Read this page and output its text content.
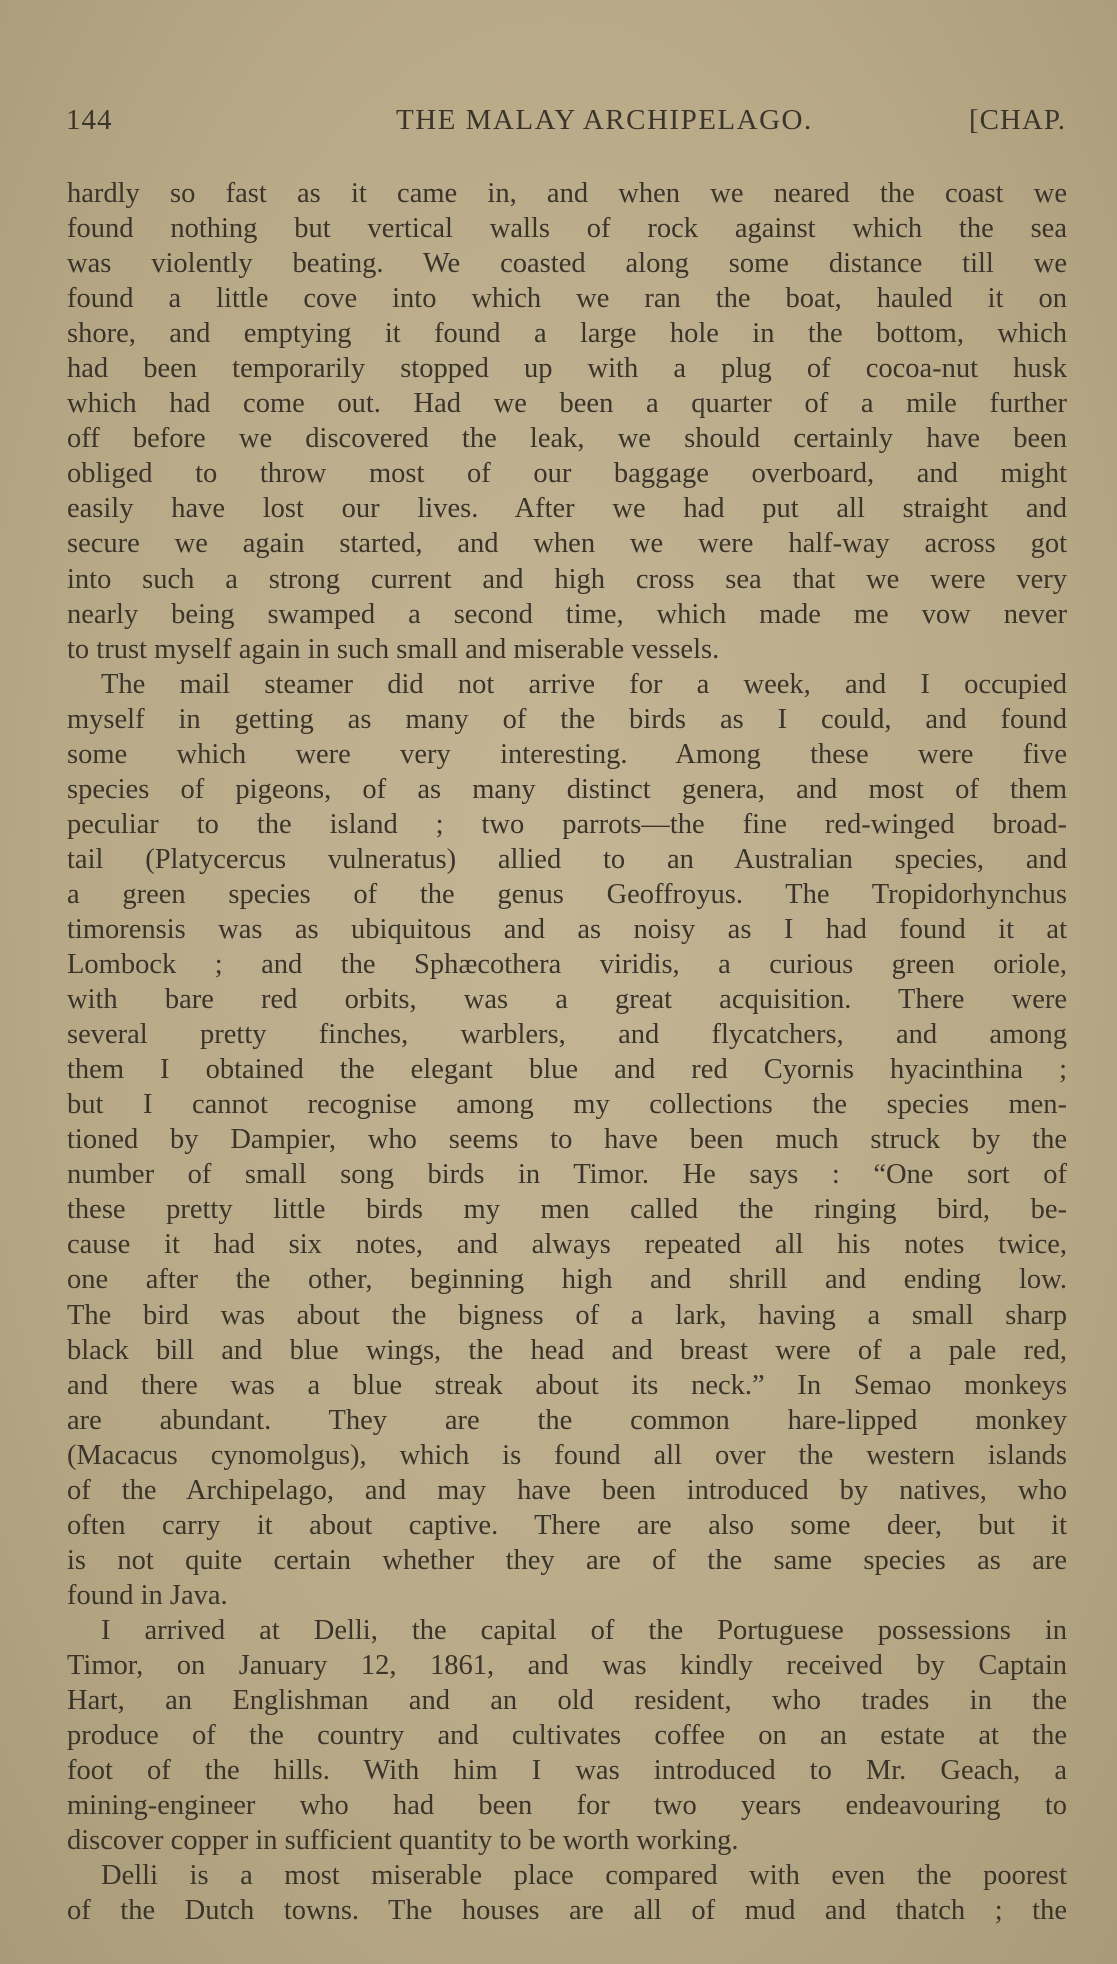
144	THE MALAY ARCHIPELAGO.	[CHAP.
hardly so fast as it came in, and when we neared the coast we
found nothing but vertical walls of rock against which the sea
was violently beating. We coasted along some distance till we
found a little cove into which we ran the boat, hauled it on
shore, and emptying it found a large hole in the bottom, which
had been temporarily stopped up with a plug of cocoa-nut husk
which had come out. Had we been a quarter of a mile further
off before we discovered the leak, we should certainly have been
obliged to throw most of our baggage overboard, and might
easily have lost our lives. After we had put all straight and
secure we again started, and when we were half-way across got
into such a strong current and high cross sea that we were very
nearly being swamped a second time, which made me vow never
to trust myself again in such small and miserable vessels.
The mail steamer did not arrive for a week, and I occupied
myself in getting as many of the birds as I could, and found
some which were very interesting. Among these were five
species of pigeons, of as many distinct genera, and most of them
peculiar to the island ; two parrots—the fine red-winged broad-
tail (Platycercus vulneratus) allied to an Australian species, and
a green species of the genus Geoffroyus. The Tropidorhynchus
timorensis was as ubiquitous and as noisy as I had found it at
Lombock ; and the Sphæcothera viridis, a curious green oriole,
with bare red orbits, was a great acquisition. There were
several pretty finches, warblers, and flycatchers, and among
them I obtained the elegant blue and red Cyornis hyacinthina ;
but I cannot recognise among my collections the species men-
tioned by Dampier, who seems to have been much struck by the
number of small song birds in Timor. He says : “One sort of
these pretty little birds my men called the ringing bird, be-
cause it had six notes, and always repeated all his notes twice,
one after the other, beginning high and shrill and ending low.
The bird was about the bigness of a lark, having a small sharp
black bill and blue wings, the head and breast were of a pale red,
and there was a blue streak about its neck.” In Semao monkeys
are abundant. They are the common hare-lipped monkey
(Macacus cynomolgus), which is found all over the western islands
of the Archipelago, and may have been introduced by natives, who
often carry it about captive. There are also some deer, but it
is not quite certain whether they are of the same species as are
found in Java.
I arrived at Delli, the capital of the Portuguese possessions in
Timor, on January 12, 1861, and was kindly received by Captain
Hart, an Englishman and an old resident, who trades in the
produce of the country and cultivates coffee on an estate at the
foot of the hills. With him I was introduced to Mr. Geach, a
mining-engineer who had been for two years endeavouring to
discover copper in sufficient quantity to be worth working.
Delli is a most miserable place compared with even the poorest
of the Dutch towns. The houses are all of mud and thatch ; the
